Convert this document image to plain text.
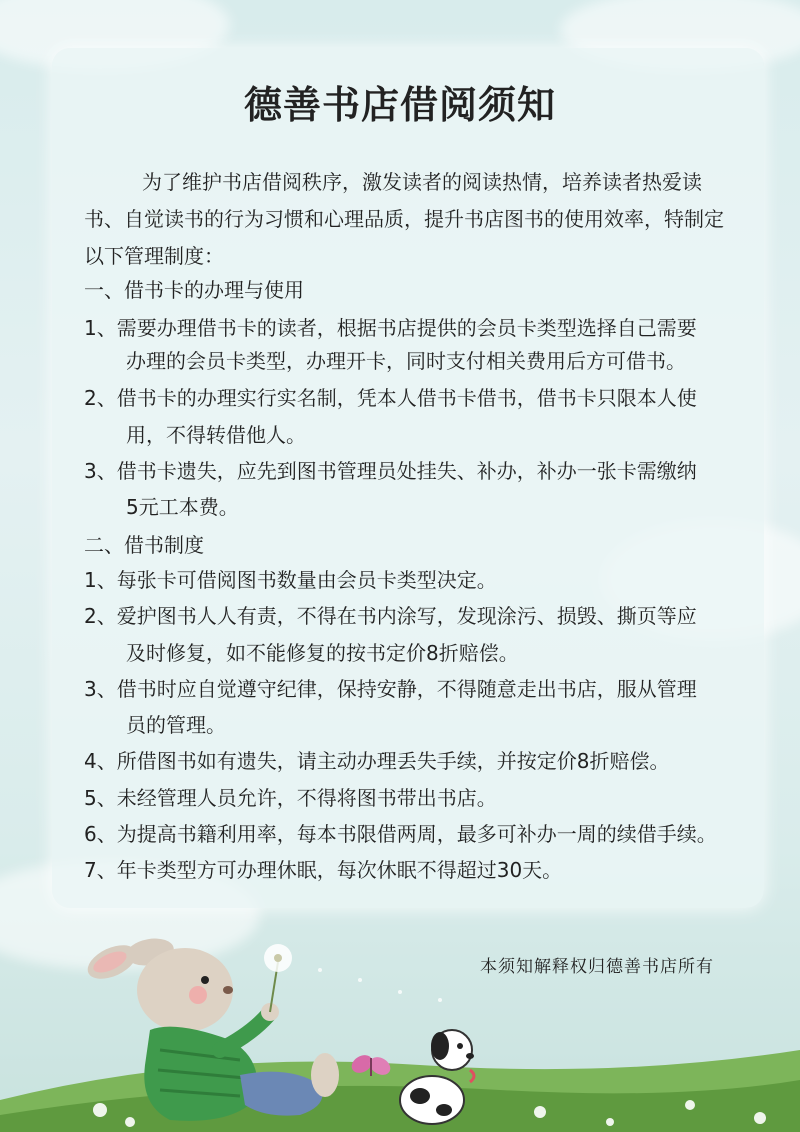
德善书店借阅须知

为了维护书店借阅秩序，激发读者的阅读热情，培养读者热爱读书、自觉读书的行为习惯和心理品质，提升书店图书的使用效率，特制定以下管理制度：

一、借书卡的办理与使用
1、需要办理借书卡的读者，根据书店提供的会员卡类型选择自己需要
办理的会员卡类型，办理开卡，同时支付相关费用后方可借书。
2、借书卡的办理实行实名制，凭本人借书卡借书，借书卡只限本人使
用，不得转借他人。
3、借书卡遗失，应先到图书管理员处挂失、补办，补办一张卡需缴纳
5元工本费。
二、借书制度
1、每张卡可借阅图书数量由会员卡类型决定。
2、爱护图书人人有责，不得在书内涂写，发现涂污、损毁、撕页等应
及时修复，如不能修复的按书定价8折赔偿。
3、借书时应自觉遵守纪律，保持安静，不得随意走出书店，服从管理
员的管理。
4、所借图书如有遗失，请主动办理丢失手续，并按定价8折赔偿。
5、未经管理人员允许，不得将图书带出书店。
6、为提高书籍利用率，每本书限借两周，最多可补办一周的续借手续。
7、年卡类型方可办理休眠，每次休眠不得超过30天。
本须知解释权归德善书店所有
